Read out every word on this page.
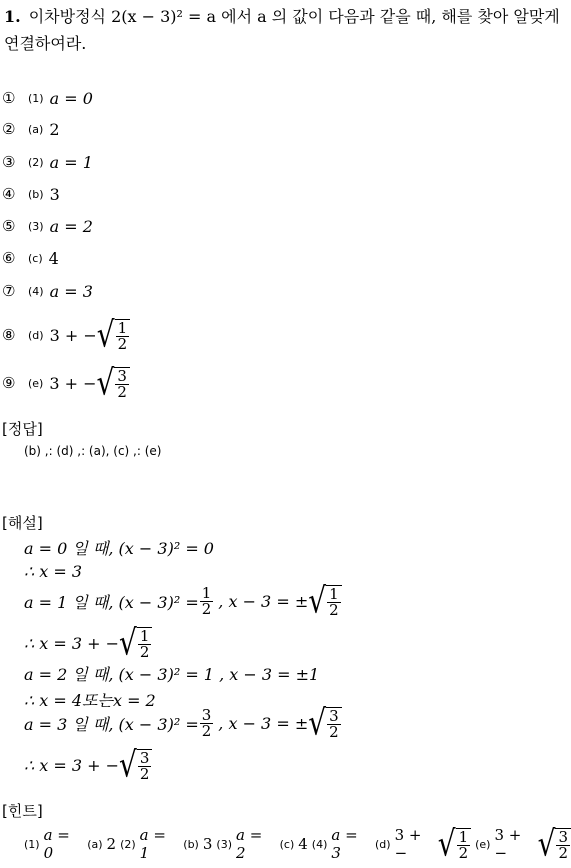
1. 이차방정식 2(x − 3)² = a 에서 a 의 값이 다음과 같을 때, 해를 찾아 알맞게
연결하여라.
①	(1) a = 0
②	(a) 2
③	(2) a = 1
④	(b) 3
⑤	(3) a = 2
⑥	(c) 4
⑦	(4) a = 3
⑧	(d) 3 + − √ $\frac{1}{2}$
⑨	(e) 3 + − √ $\frac{3}{2}$
[정답]
(b) ,: (d) ,: (a), (c) ,: (e)
[해설]
a = 0 일 때, (x − 3)² = 0
∴ x = 3
a = 1 일 때, $(x - 3)^2 = \frac{1}{2}$ , x − 3 = ± √ $\frac{1}{2}$
∴ x = 3 + − √ $\frac{1}{2}$
a = 2 일 때, (x − 3)² = 1 , x − 3 = ±1
∴ x = 4또는x = 2
a = 3 일 때, $(x - 3)^2 = \frac{3}{2}$ , x − 3 = ± √ $\frac{3}{2}$
∴ x = 3 + − √ $\frac{3}{2}$
[힌트]
(1) a = 0	(a) 2 (2) a = 1	(b) 3 (3) a = 2	(c) 4 (4) a = 3	(d) 3 + −	√ $\frac{1}{2} (e) 3$ + −	√ $\frac{3}{2}$
